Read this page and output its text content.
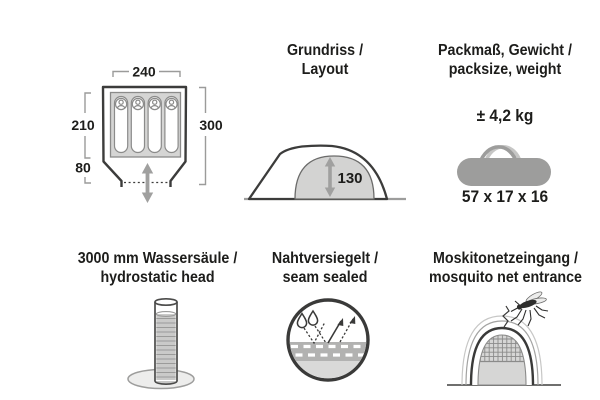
240
210
80
300
Grundriss /
Layout
130
Packmaß, Gewicht /
packsize, weight
± 4,2 kg
57 x 17 x 16
3000 mm Wassersäule /
hydrostatic head
Nahtversiegelt /
seam sealed
Moskitonetzeingang /
mosquito net entrance
